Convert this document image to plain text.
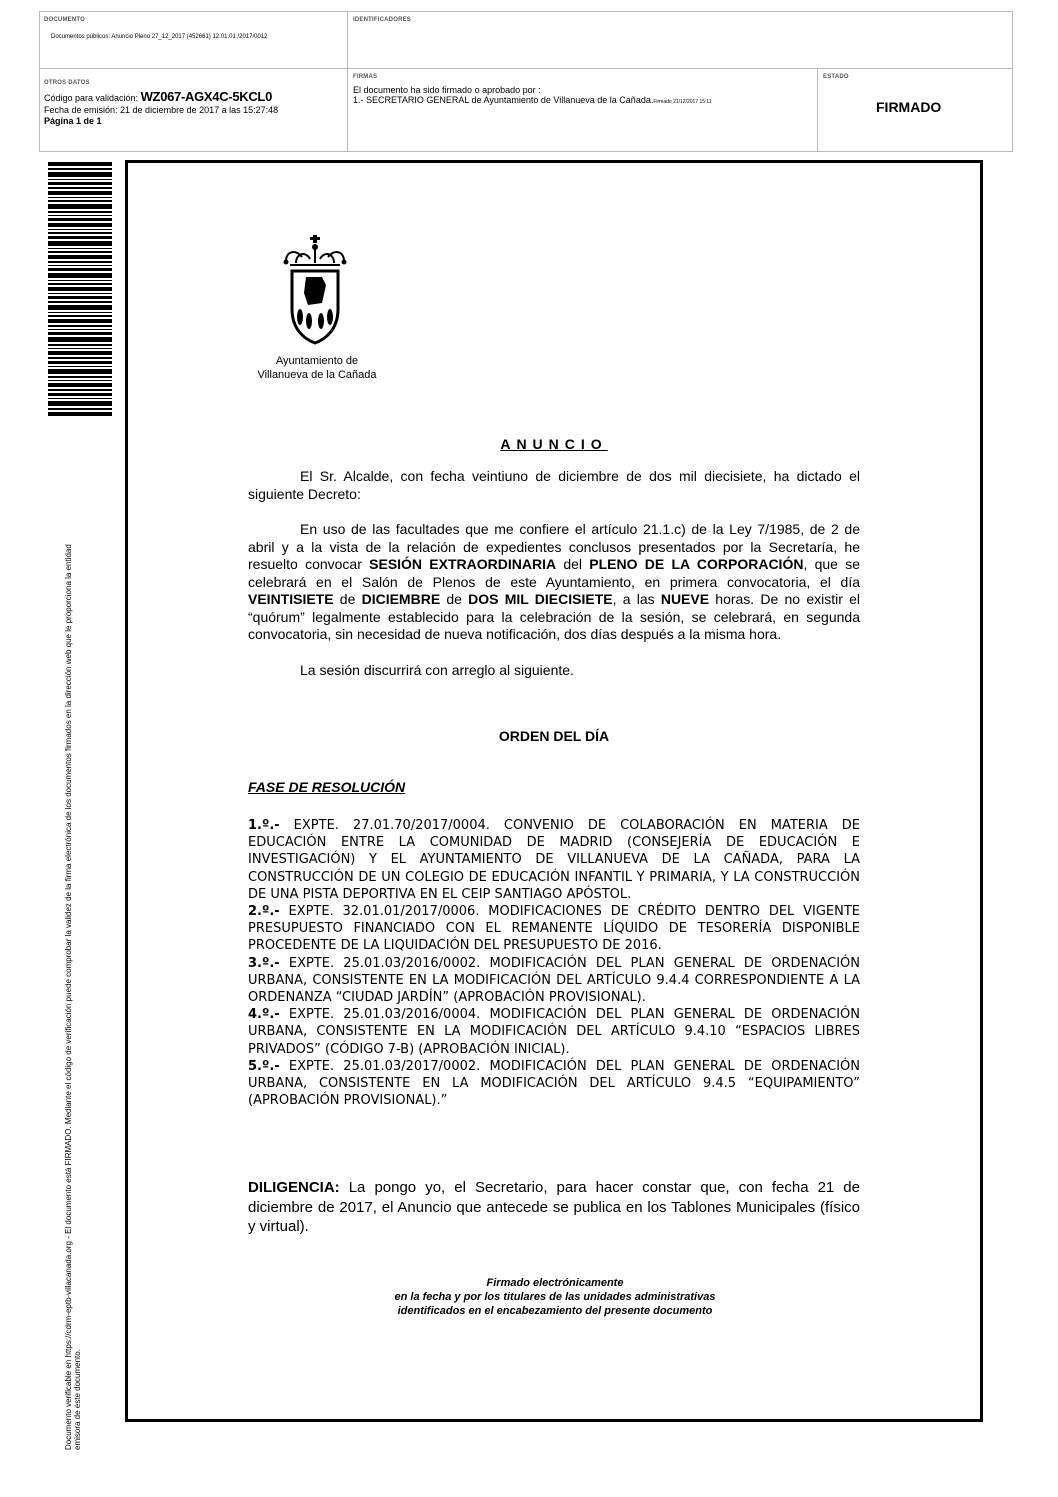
DOCUMENTO
Documentos públicos: Anuncio Pleno 27_12_2017 (452661) 12.01.01 /2017/0012
IDENTIFICADORES
OTROS DATOS
Código para validación: WZ067-AGX4C-5KCL0
Fecha de emisión: 21 de diciembre de 2017 a las 15:27:48
Página 1 de 1
FIRMAS
El documento ha sido firmado o aprobado por :
1.- SECRETARIO GENERAL de Ayuntamiento de Villanueva de la Cañada.Firmado 21/12/2017 15:11
ESTADO
FIRMADO
Documento verificable en https://cdrm-eptb-villacanada.org - El documento está FIRMADO. Mediante el código de verificación puede comprobar la validez de la firma electrónica de los documentos firmados en la dirección web que le proporciona la entidad emisora de este documento.
Ayuntamiento de
Villanueva de la Cañada
ANUNCIO

El Sr. Alcalde, con fecha veintiuno de diciembre de dos mil diecisiete, ha dictado el siguiente Decreto:

En uso de las facultades que me confiere el artículo 21.1.c) de la Ley 7/1985, de 2 de abril y a la vista de la relación de expedientes conclusos presentados por la Secretaría, he resuelto convocar SESIÓN EXTRAORDINARIA del PLENO DE LA CORPORACIÓN, que se celebrará en el Salón de Plenos de este Ayuntamiento, en primera convocatoria, el día VEINTISIETE de DICIEMBRE de DOS MIL DIECISIETE, a las NUEVE horas. De no existir el “quórum” legalmente establecido para la celebración de la sesión, se celebrará, en segunda convocatoria, sin necesidad de nueva notificación, dos días después a la misma hora.

La sesión discurrirá con arreglo al siguiente.

ORDEN DEL DÍA
FASE DE RESOLUCIÓN

1.º.- EXPTE. 27.01.70/2017/0004. CONVENIO DE COLABORACIÓN EN MATERIA DE EDUCACIÓN ENTRE LA COMUNIDAD DE MADRID (CONSEJERÍA DE EDUCACIÓN E INVESTIGACIÓN) Y EL AYUNTAMIENTO DE VILLANUEVA DE LA CAÑADA, PARA LA CONSTRUCCIÓN DE UN COLEGIO DE EDUCACIÓN INFANTIL Y PRIMARIA, Y LA CONSTRUCCIÓN DE UNA PISTA DEPORTIVA EN EL CEIP SANTIAGO APÓSTOL.

2.º.- EXPTE. 32.01.01/2017/0006. MODIFICACIONES DE CRÉDITO DENTRO DEL VIGENTE PRESUPUESTO FINANCIADO CON EL REMANENTE LÍQUIDO DE TESORERÍA DISPONIBLE PROCEDENTE DE LA LIQUIDACIÓN DEL PRESUPUESTO DE 2016.

3.º.- EXPTE. 25.01.03/2016/0002. MODIFICACIÓN DEL PLAN GENERAL DE ORDENACIÓN URBANA, CONSISTENTE EN LA MODIFICACIÓN DEL ARTÍCULO 9.4.4 CORRESPONDIENTE A LA ORDENANZA “CIUDAD JARDÍN” (APROBACIÓN PROVISIONAL).

4.º.- EXPTE. 25.01.03/2016/0004. MODIFICACIÓN DEL PLAN GENERAL DE ORDENACIÓN URBANA, CONSISTENTE EN LA MODIFICACIÓN DEL ARTÍCULO 9.4.10 “ESPACIOS LIBRES PRIVADOS” (CÓDIGO 7-B) (APROBACIÓN INICIAL).

5.º.- EXPTE. 25.01.03/2017/0002. MODIFICACIÓN DEL PLAN GENERAL DE ORDENACIÓN URBANA, CONSISTENTE EN LA MODIFICACIÓN DEL ARTÍCULO 9.4.5 “EQUIPAMIENTO” (APROBACIÓN PROVISIONAL).”

DILIGENCIA: La pongo yo, el Secretario, para hacer constar que, con fecha 21 de diciembre de 2017, el Anuncio que antecede se publica en los Tablones Municipales (físico y virtual).
Firmado electrónicamente
en la fecha y por los titulares de las unidades administrativas
identificados en el encabezamiento del presente documento
